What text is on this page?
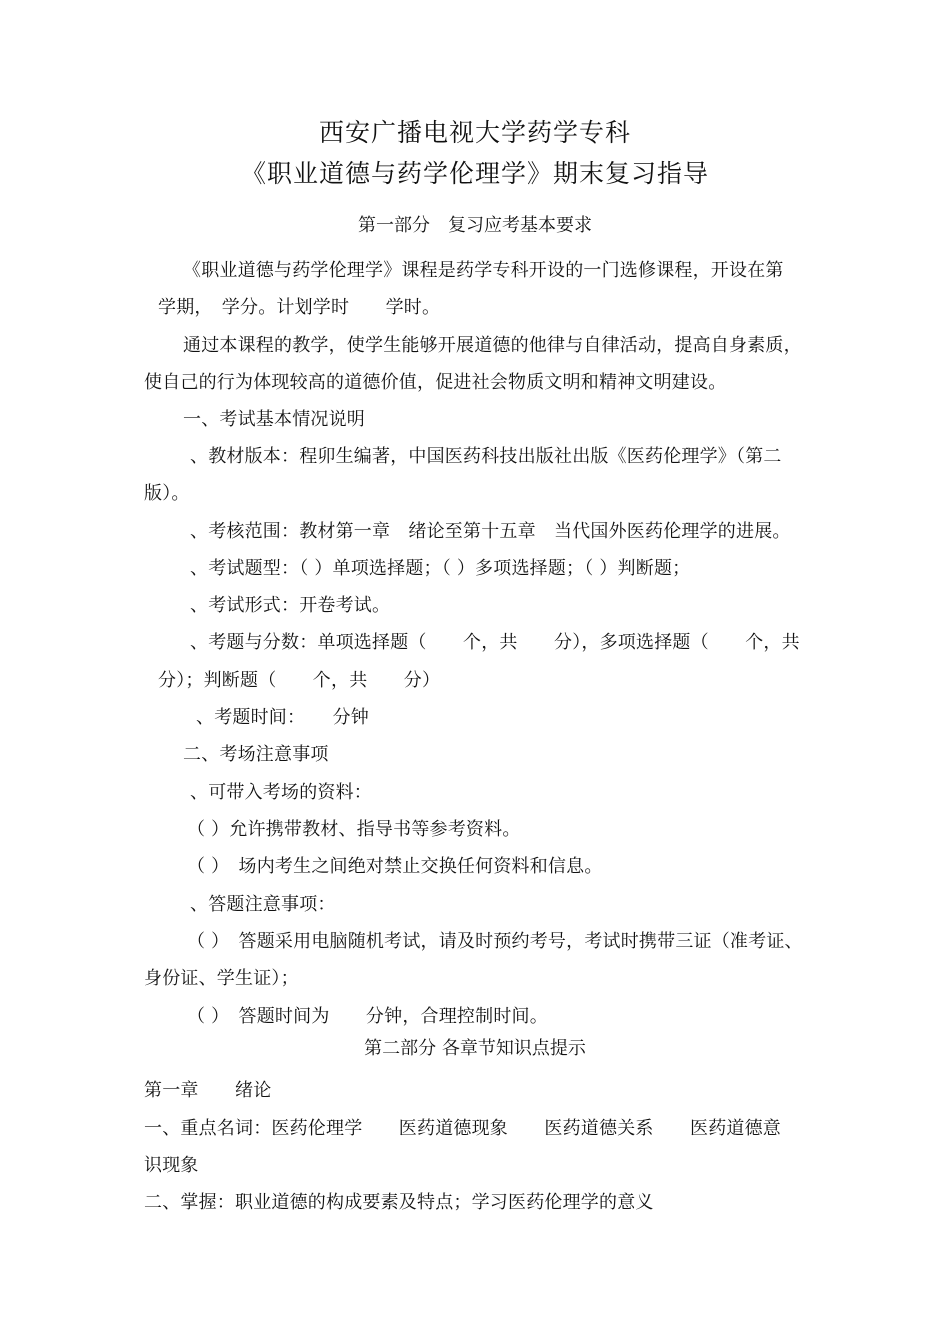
西安广播电视大学药学专科
《职业道德与药学伦理学》期末复习指导
第一部分　复习应考基本要求
《职业道德与药学伦理学》课程是药学专科开设的一门选修课程，开设在第
学期，　学分。计划学时　　学时。
通过本课程的教学，使学生能够开展道德的他律与自律活动，提高自身素质，
使自己的行为体现较高的道德价值，促进社会物质文明和精神文明建设。
一、考试基本情况说明
、教材版本：程卯生编著，中国医药科技出版社出版《医药伦理学》（第二
版）。
、考核范围：教材第一章　绪论至第十五章　当代国外医药伦理学的进展。
、考试题型：（ ）单项选择题；（ ）多项选择题；（ ）判断题；
、考试形式：开卷考试。
、考题与分数：单项选择题（　　个，共　　分），多项选择题（　　个，共
分）；判断题（　　个，共　　分）
、考题时间：　　分钟
二、考场注意事项
、可带入考场的资料：
（ ）允许携带教材、指导书等参考资料。
（ ）　场内考生之间绝对禁止交换任何资料和信息。
、答题注意事项：
（ ）　答题采用电脑随机考试，请及时预约考号，考试时携带三证（准考证、
身份证、学生证）；
（ ）　答题时间为　　分钟，合理控制时间。
第二部分 各章节知识点提示
第一章　　绪论
一、重点名词：医药伦理学　　医药道德现象　　医药道德关系　　医药道德意
识现象
二、掌握：职业道德的构成要素及特点；学习医药伦理学的意义
